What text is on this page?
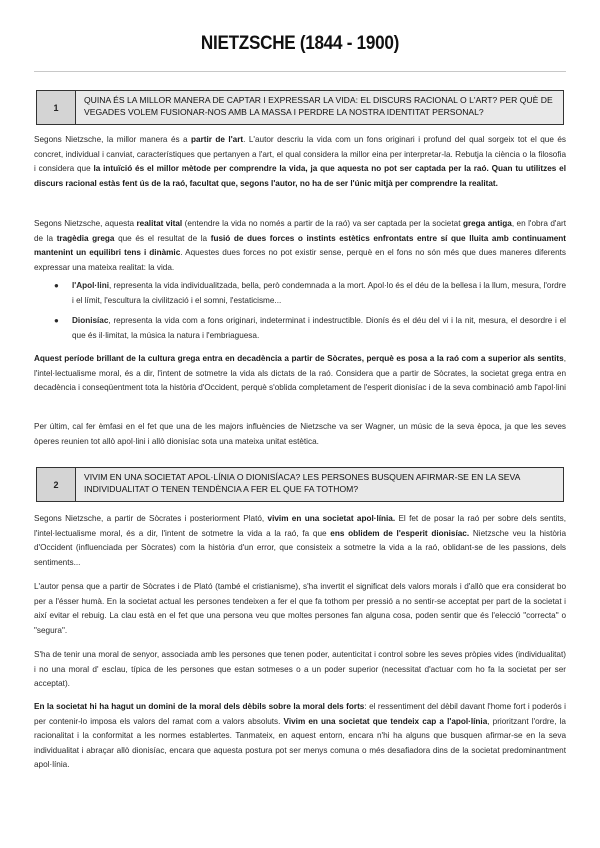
NIETZSCHE (1844 - 1900)
1
QUINA ÉS LA MILLOR MANERA DE CAPTAR I EXPRESSAR LA VIDA: EL DISCURS RACIONAL O L'ART? PER QUÈ DE VEGADES VOLEM FUSIONAR-NOS AMB LA MASSA I PERDRE LA NOSTRA IDENTITAT PERSONAL?
Segons Nietzsche, la millor manera és a partir de l'art. L'autor descriu la vida com un fons originari i profund del qual sorgeix tot el que és concret, individual i canviat, característiques que pertanyen a l'art, el qual considera la millor eina per interpretar-la. Rebutja la ciència o la filosofia i considera que la intuïció és el millor mètode per comprendre la vida, ja que aquesta no pot ser captada per la raó. Quan tu utilitzes el discurs racional estàs fent ús de la raó, facultat que, segons l'autor, no ha de ser l'únic mitjà per comprendre la realitat.
Segons Nietzsche, aquesta realitat vital (entendre la vida no només a partir de la raó) va ser captada per la societat grega antiga, en l'obra d'art de la tragèdia grega que és el resultat de la fusió de dues forces o instints estètics enfrontats entre sí que lluita amb continuament mantenint un equilibri tens i dinàmic. Aquestes dues forces no pot existir sense, perquè en el fons no són més que dues maneres diferents expressar una mateixa realitat: la vida.
● l'Apol·lini, representa la vida individualitzada, bella, però condemnada a la mort. Apol·lo és el déu de la bellesa i la llum, mesura, l'ordre i el límit, l'escultura la civilització i el somni, l'estaticisme...
● Dionisíac, representa la vida com a fons originari, indeterminat i indestructible. Dionís és el déu del vi i la nit, mesura, el desordre i el que és il·limitat, la música la natura i l'embriaguesa.
Aquest període brillant de la cultura grega entra en decadència a partir de Sòcrates, perquè es posa a la raó com a superior als sentits, l'intel·lectualisme moral, és a dir, l'intent de sotmetre la vida als dictats de la raó. Considera que a partir de Sòcrates, la societat grega entra en decadència i conseqüentment tota la història d'Occident, perquè s'oblida completament de l'esperit dionisíac i de la seva combinació amb l'apol·lini
Per últim, cal fer èmfasi en el fet que una de les majors influències de Nietzsche va ser Wagner, un músic de la seva època, ja que les seves òperes reunien tot allò apol·lini i allò dionisíac sota una mateixa unitat estètica.
2
VIVIM EN UNA SOCIETAT APOL·LÍNIA O DIONISÍACA? LES PERSONES BUSQUEN AFIRMAR-SE EN LA SEVA INDIVIDUALITAT O TENEN TENDÈNCIA A FER EL QUE FA TOTHOM?
Segons Nietzsche, a partir de Sòcrates i posteriorment Plató, vivim en una societat apol·línia. El fet de posar la raó per sobre dels sentits, l'intel·lectualisme moral, és a dir, l'intent de sotmetre la vida a la raó, fa que ens oblidem de l'esperit dionisíac. Nietzsche veu la història d'Occident (influenciada per Sòcrates) com la història d'un error, que consisteix a sotmetre la vida a la raó, oblidant-se de les passions, dels sentiments...
L'autor pensa que a partir de Sòcrates i de Plató (també el cristianisme), s'ha invertit el significat dels valors morals i d'allò que era considerat bo per a l'ésser humà. En la societat actual les persones tendeixen a fer el que fa tothom per pressió a no sentir-se acceptat per part de la societat i així evitar el rebuig. La clau està en el fet que una persona veu que moltes persones fan alguna cosa, poden sentir que és l'elecció "correcta" o "segura".
S'ha de tenir una moral de senyor, associada amb les persones que tenen poder, autenticitat i control sobre les seves pròpies vides (individualitat) i no una moral d' esclau, típica de les persones que estan sotmeses o a un poder superior (necessitat d'actuar com ho fa la societat per ser acceptat).
En la societat hi ha hagut un domini de la moral dels dèbils sobre la moral dels forts: el ressentiment del dèbil davant l'home fort i poderós i per contenir-lo imposa els valors del ramat com a valors absoluts. Vivim en una societat que tendeix cap a l'apol·línia, prioritzant l'ordre, la racionalitat i la conformitat a les normes establertes. Tanmateix, en aquest entorn, encara n'hi ha alguns que busquen afirmar-se en la seva individualitat i abraçar allò dionisíac, encara que aquesta postura pot ser menys comuna o més desafiadora dins de la societat predominantment apol·línia.
